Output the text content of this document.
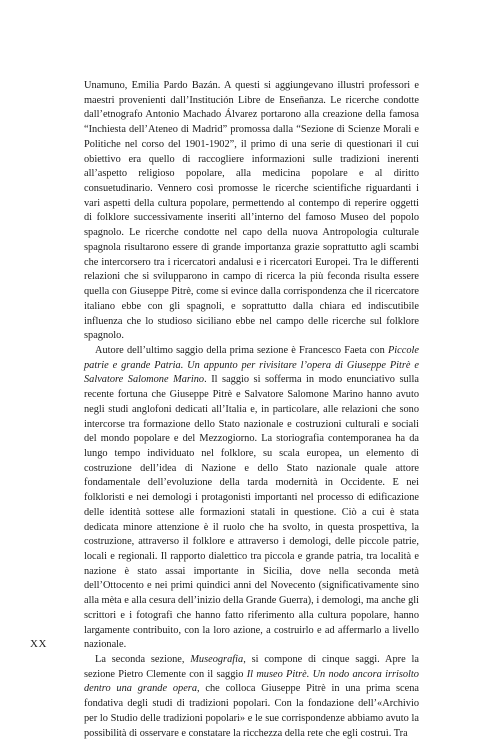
Unamuno, Emilia Pardo Bazán. A questi si aggiungevano illustri professori e maestri provenienti dall’Institución Libre de Enseñanza. Le ricerche condotte dall’etnografo Antonio Machado Álvarez portarono alla creazione della famosa “Inchiesta dell’Ateneo di Madrid” promossa dalla “Sezione di Scienze Morali e Politiche nel corso del 1901-1902”, il primo di una serie di questionari il cui obiettivo era quello di raccogliere informazioni sulle tradizioni inerenti all’aspetto religioso popolare, alla medicina popolare e al diritto consuetudinario. Vennero così promosse le ricerche scientifiche riguardanti i vari aspetti della cultura popolare, permettendo al contempo di reperire oggetti di folklore successivamente inseriti all’interno del famoso Museo del popolo spagnolo. Le ricerche condotte nel capo della nuova Antropologia culturale spagnola risultarono essere di grande importanza grazie soprattutto agli scambi che intercorsero tra i ricercatori andalusi e i ricercatori Europei. Tra le differenti relazioni che si svilupparono in campo di ricerca la più feconda risulta essere quella con Giuseppe Pitrè, come si evince dalla corrispondenza che il ricercatore italiano ebbe con gli spagnoli, e soprattutto dalla chiara ed indiscutibile influenza che lo studioso siciliano ebbe nel campo delle ricerche sul folklore spagnolo.

Autore dell’ultimo saggio della prima sezione è Francesco Faeta con Piccole patrie e grande Patria. Un appunto per rivisitare l’opera di Giuseppe Pitrè e Salvatore Salomone Marino. Il saggio si sofferma in modo enunciativo sulla recente fortuna che Giuseppe Pitrè e Salvatore Salomone Marino hanno avuto negli studi anglofoni dedicati all’Italia e, in particolare, alle relazioni che sono intercorse tra formazione dello Stato nazionale e costruzioni culturali e sociali del mondo popolare e del Mezzogiorno. La storiografia contemporanea ha da lungo tempo individuato nel folklore, su scala europea, un elemento di costruzione dell’idea di Nazione e dello Stato nazionale quale attore fondamentale dell’evoluzione della tarda modernità in Occidente. E nei folkloristi e nei demologi i protagonisti importanti nel processo di edificazione delle identità sottese alle formazioni statali in questione. Ciò a cui è stata dedicata minore attenzione è il ruolo che ha svolto, in questa prospettiva, la costruzione, attraverso il folklore e attraverso i demologi, delle piccole patrie, locali e regionali. Il rapporto dialettico tra piccola e grande patria, tra località e nazione è stato assai importante in Sicilia, dove nella seconda metà dell’Ottocento e nei primi quindici anni del Novecento (significativamente sino alla mèta e alla cesura dell’inizio della Grande Guerra), i demologi, ma anche gli scrittori e i fotografi che hanno fatto riferimento alla cultura popolare, hanno largamente contribuito, con la loro azione, a costruirlo e ad affermarlo a livello nazionale.

La seconda sezione, Museografia, si compone di cinque saggi. Apre la sezione Pietro Clemente con il saggio Il museo Pitrè. Un nodo ancora irrisolto dentro una grande opera, che colloca Giuseppe Pitrè in una prima scena fondativa degli studi di tradizioni popolari. Con la fondazione dell’«Archivio per lo Studio delle tradizioni popolari» e le sue corrispondenze abbiamo avuto la possibilità di osservare e constatare la ricchezza della rete che egli costruì. Tra

XX
